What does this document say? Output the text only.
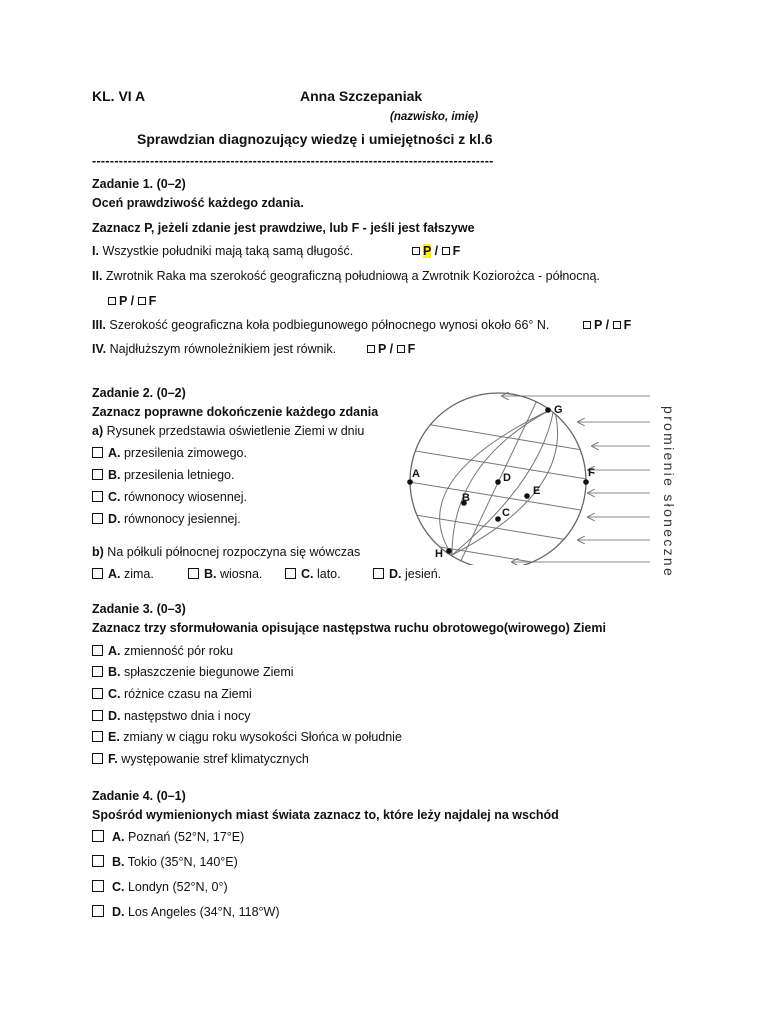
KL. VI A	Anna Szczepaniak
(nazwisko, imię)
Sprawdzian diagnozujący wiedzę i umiejętności z kl.6
------------------------------------------------------------------------------------------
Zadanie 1. (0–2)
Oceń prawdziwość każdego zdania.
Zaznacz P, jeżeli zdanie jest prawdziwe, lub F - jeśli jest fałszywe
I. Wszystkie południki mają taką samą długość.	P / F
II. Zwrotnik Raka ma szerokość geograficzną południową a Zwrotnik Koziorożca - północną.
P / F
III. Szerokość geograficzna koła podbiegunowego północnego wynosi około 66° N.	P / F
IV. Najdłuższym równoleżnikiem jest równik.	P / F
Zadanie 2. (0–2)
Zaznacz poprawne dokończenie każdego zdania
a) Rysunek przedstawia oświetlenie Ziemi w dniu
A. przesilenia zimowego.
B. przesilenia letniego.
C. równonocy wiosennej.
D. równonocy jesiennej.
b) Na półkuli północnej rozpoczyna się wówczas
A. zima.	B. wiosna.	C. lato.	D. jesień.
G
A	D	F
E
B
C
H	promienie słoneczne
Zadanie 3. (0–3)
Zaznacz trzy sformułowania opisujące następstwa ruchu obrotowego(wirowego) Ziemi
A. zmienność pór roku
B. spłaszczenie biegunowe Ziemi
C. różnice czasu na Ziemi
D. następstwo dnia i nocy
E. zmiany w ciągu roku wysokości Słońca w południe
F. występowanie stref klimatycznych
Zadanie 4. (0–1)
Spośród wymienionych miast świata zaznacz to, które leży najdalej na wschód
A. Poznań (52°N, 17°E)
B. Tokio (35°N, 140°E)
C. Londyn (52°N, 0°)
D. Los Angeles (34°N, 118°W)
